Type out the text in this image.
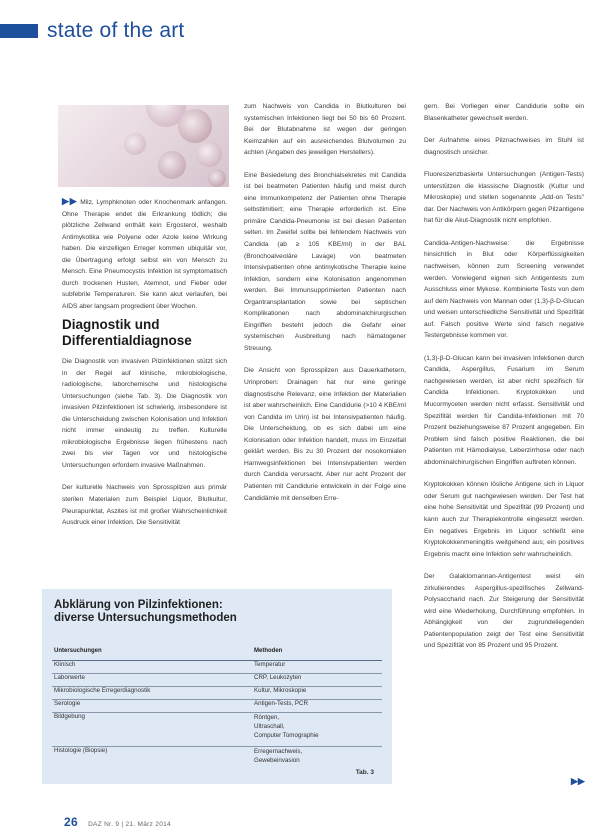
state of the art

▶▶ Milz, Lymphknoten oder Knochenmark anfangen. Ohne Therapie endet die Erkrankung tödlich; die plötzliche Zellwand enthält kein Ergosterol, weshalb Antimykotika wie Polyene oder Azole keine Wirkung haben. Die einzelligen Erreger kommen ubiquitär vor, die Übertragung erfolgt selbst ein von Mensch zu Mensch. Eine Pneumocystis Infektion ist symptomatisch durch trockenen Husten, Atemnot, und Fieber oder subfebrile Temperaturen. Sie kann akut verlaufen, bei AIDS aber langsam progredient über Wochen.

Diagnostik und Differentialdiagnose

Die Diagnostik von invasiven Pilzinfektionen stützt sich in der Regel auf klinische, mikrobiologische, radiologische, laborchemische und histologische Untersuchungen (siehe Tab. 3). Die Diagnostik von invasiven Pilzinfektionen ist schwierig, insbesondere ist die Unterscheidung zwischen Kolonisation und Infektion nicht immer eindeutig zu treffen. Kulturelle mikrobiologische Ergebnisse liegen frühestens nach zwei bis vier Tagen vor und histologische Untersuchungen erfordern invasive Maßnahmen.

Der kulturelle Nachweis von Sprosspilzen aus primär sterilen Materialen zum Beispiel Liquor, Blutkultur, Pleurapunktat, Aszites ist mit großer Wahrscheinlichkeit Ausdruck einer Infektion. Die Sensitivität

zum Nachweis von Candida in Blutkulturen bei systemischen Infektionen liegt bei 50 bis 60 Prozent. Bei der Blutabnahme ist wegen der geringen Keimzahlen auf ein ausreichendes Blutvolumen zu achten (Angaben des jeweiligen Herstellers).

Eine Besiedelung des Bronchialsekretes mit Candida ist bei beatmeten Patienten häufig und meist durch eine Immunkompetenz der Patienten ohne Therapie selbstlimitiert; eine Therapie erforderlich ist. Eine primäre Candida-Pneumonie ist bei diesen Patienten selten. Im Zweifel sollte bei fehlendem Nachweis von Candida (ab ≥ 105 KBE/ml) in der BAL (Bronchoalveoläre Lavage) von beatmeten Intensivpatienten ohne antimykotische Therapie keine Infektion, sondern eine Kolonisation angenommen werden. Bei Immunsupprimierten Patienten nach Organtransplantation sowie bei septischen Komplikationen nach abdominalchirurgischen Eingriffen besteht jedoch die Gefahr einer systemischen Ausbreitung nach hämatogener Streuung.

Die Ansicht von Sprosspilzen aus Dauerkathetern, Urinproben: Drainagen hat nur eine geringe diagnostische Relevanz, eine Infektion der Materialien ist aber wahrscheinlich. Eine Candidurie (>10 4 KBE/ml von Candida im Urin) ist bei Intensivpatienten häufig. Die Unterscheidung, ob es sich dabei um eine Kolonisation oder Infektion handelt, muss im Einzelfall geklärt werden. Bis zu 30 Prozent der nosokomialen Harnwegsinfektionen bei Intensivpatienten werden durch Candida verursacht. Aber nur acht Prozent der Patienten mit Candidurie entwickeln in der Folge eine Candidämie mit denselben Erre-

gern. Bei Vorliegen einer Candidurie sollte ein Blasenkatheter gewechselt werden.

Der Aufnahme eines Pilznachweises im Stuhl ist diagnostisch unsicher.

Fluoreszenzbasierte Untersuchungen (Antigen-Tests) unterstützen die klassische Diagnostik (Kultur und Mikroskopie) und stellen sogenannte „Add-on Tests" dar. Der Nachweis von Antikörpern gegen Pilzantigene hat für die Akut-Diagnostik nicht empfohlen.

Candida-Antigen-Nachweise: die Ergebnisse hinsichtlich in Blut oder Körperflüssigkeiten nachweisen, können zum Screening verwendet werden. Vorwiegend eignen sich Antigentests zum Ausschluss einer Mykose. Kombinierte Tests von dem auf dem Nachweis von Mannan oder (1,3)-β-D-Glucan und weisen unterschiedliche Sensitivität und Spezifität auf. Falsch positive Werte sind falsch negative Testergebnisse kommen vor.

(1,3)-β-D-Glucan kann bei invasiven Infektionen durch Candida, Aspergillus, Fusarium im Serum nachgewiesen werden, ist aber nicht spezifisch für Candida Infektionen. Kryptokokken und Mucormyceten werden nicht erfasst. Sensitivität und Spezifität werden für Candida-Infektionen mit 70 Prozent beziehungsweise 87 Prozent angegeben. Ein Problem sind falsch positive Reaktionen, die bei Patienten mit Hämodialyse, Leberzirrhose oder nach abdominalchirurgischen Eingriffen auftreten können.

Kryptokokken können lösliche Antigene sich in Liquor oder Serum gut nachgewiesen werden. Der Test hat eine hohe Sensitivität und Spezifität (99 Prozent) und kann auch zur Therapiekontrolle eingesetzt werden. Ein negatives Ergebnis im Liquor schließt eine Kryptokokkenmeningitis weitgehend aus; ein positives Ergebnis macht eine Infektion sehr wahrscheinlich.

Der Galaktomannan-Antigentest weist ein zirkulierendes Aspergillus-spezifisches Zellwand-Polysaccharid nach. Zur Steigerung der Sensitivität wird eine Wiederholung, Durchführung empfohlen. In Abhängigkeit von der zugrundeliegenden Patientenpopulation zeigt der Test eine Sensitivität und Spezifität von 85 Prozent und 95 Prozent.

Abklärung von Pilzinfektionen:
diverse Untersuchungsmethoden
Untersuchungen	Methoden
Klinisch	Temperatur
Laborwerte	CRP, Leukozyten
Mikrobiologische Erregerdiagnostik	Kultur, Mikroskopie
Serologie	Antigen-Tests, PCR
Bildgebung	Röntgen,
Ultraschall,
Computer Tomographie
Histologie (Biopsie)	Erregernachweis,
Gewebeinvasion
Tab. 3
▶▶
26 DAZ Nr. 9 | 21. März 2014
